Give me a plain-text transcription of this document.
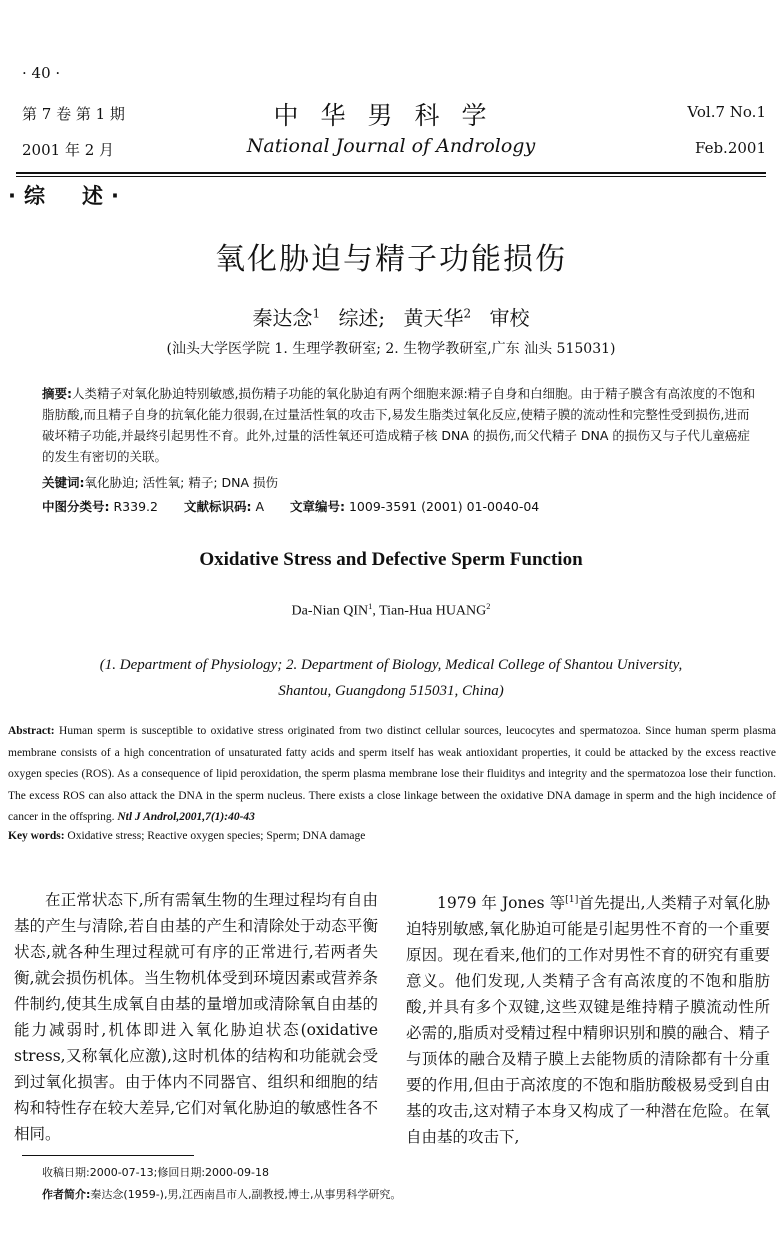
· 40 ·
第 7 卷 第 1 期
2001 年 2 月
中华男科学
National Journal of Andrology
Vol.7 No.1
Feb.2001
·综　述·
氧化胁迫与精子功能损伤
秦达念$^1$ 综述; 黄天华$^2$ 审校
(汕头大学医学院 1. 生理学教研室; 2. 生物学教研室,广东 汕头 515031)
摘要:人类精子对氧化胁迫特别敏感,损伤精子功能的氧化胁迫有两个细胞来源:精子自身和白细胞。由于精子膜含有高浓度的不饱和脂肪酸,而且精子自身的抗氧化能力很弱,在过量活性氧的攻击下,易发生脂类过氧化反应,使精子膜的流动性和完整性受到损伤,进而破坏精子功能,并最终引起男性不育。此外,过量的活性氧还可造成精子核 DNA 的损伤,而父代精子 DNA 的损伤又与子代儿童癌症的发生有密切的关联。
关键词:氧化胁迫; 活性氧; 精子; DNA 损伤
中图分类号: R339.2 文献标识码: A 文章编号: 1009-3591 (2001) 01-0040-04
Oxidative Stress and Defective Sperm Function
Da-Nian QIN$^1$, Tian-Hua HUANG$^2$
(1. Department of Physiology; 2. Department of Biology, Medical College of Shantou University,
Shantou, Guangdong 515031, China)
Abstract: Human sperm is susceptible to oxidative stress originated from two distinct cellular sources, leucocytes and spermatozoa. Since human sperm plasma membrane consists of a high concentration of unsaturated fatty acids and sperm itself has weak antioxidant properties, it could be attacked by the excess reactive oxygen species (ROS). As a consequence of lipid peroxidation, the sperm plasma membrane lose their fluiditys and integrity and the spermatozoa lose their function. The excess ROS can also attack the DNA in the sperm nucleus. There exists a close linkage between the oxidative DNA damage in sperm and the high incidence of cancer in the offspring. Ntl J Androl,2001,7(1):40-43
Key words: Oxidative stress; Reactive oxygen species; Sperm; DNA damage
在正常状态下,所有需氧生物的生理过程均有自由基的产生与清除,若自由基的产生和清除处于动态平衡状态,就各种生理过程就可有序的正常进行,若两者失衡,就会损伤机体。当生物机体受到环境因素或营养条件制约,使其生成氧自由基的量增加或清除氧自由基的能力减弱时,机体即进入氧化胁迫状态(oxidative stress,又称氧化应激),这时机体的结构和功能就会受到过氧化损害。由于体内不同器官、组织和细胞的结构和特性存在较大差异,它们对氧化胁迫的敏感性各不相同。
1979 年 Jones 等[1]首先提出,人类精子对氧化胁迫特别敏感,氧化胁迫可能是引起男性不育的一个重要原因。现在看来,他们的工作对男性不育的研究有重要意义。他们发现,人类精子含有高浓度的不饱和脂肪酸,并具有多个双键,这些双键是维持精子膜流动性所必需的,脂质对受精过程中精卵识别和膜的融合、精子与顶体的融合及精子膜上去能物质的清除都有十分重要的作用,但由于高浓度的不饱和脂肪酸极易受到自由基的攻击,这对精子本身又构成了一种潜在危险。在氧自由基的攻击下,
收稿日期:2000-07-13;修回日期:2000-09-18
作者简介:秦达念(1959-),男,江西南昌市人,副教授,博士,从事男科学研究。
